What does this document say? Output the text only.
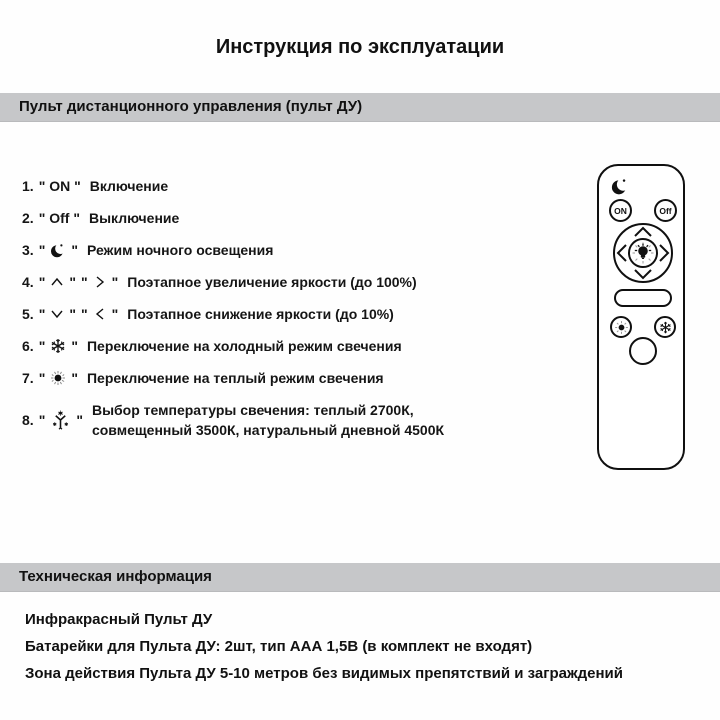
Инструкция по эксплуатации
Пульт дистанционного управления (пульт ДУ)
1. " ON " Включение
2. " Off " Выключение
3. " " Режим ночного освещения
4. " " " " Поэтапное увеличение яркости (до 100%)
5. " " " " Поэтапное снижение яркости (до 10%)
6. " " Переключение на холодный режим свечения
7. " " Переключение на теплый режим свечения
8. " "
Выбор температуры свечения: теплый 2700К,
совмещенный 3500К, натуральный дневной 4500К
ON	Off
Техническая информация
Инфракрасный Пульт ДУ
Батарейки для Пульта ДУ: 2шт, тип ААА 1,5В (в комплект не входят)
Зона действия Пульта ДУ 5-10 метров без видимых препятствий и заграждений
